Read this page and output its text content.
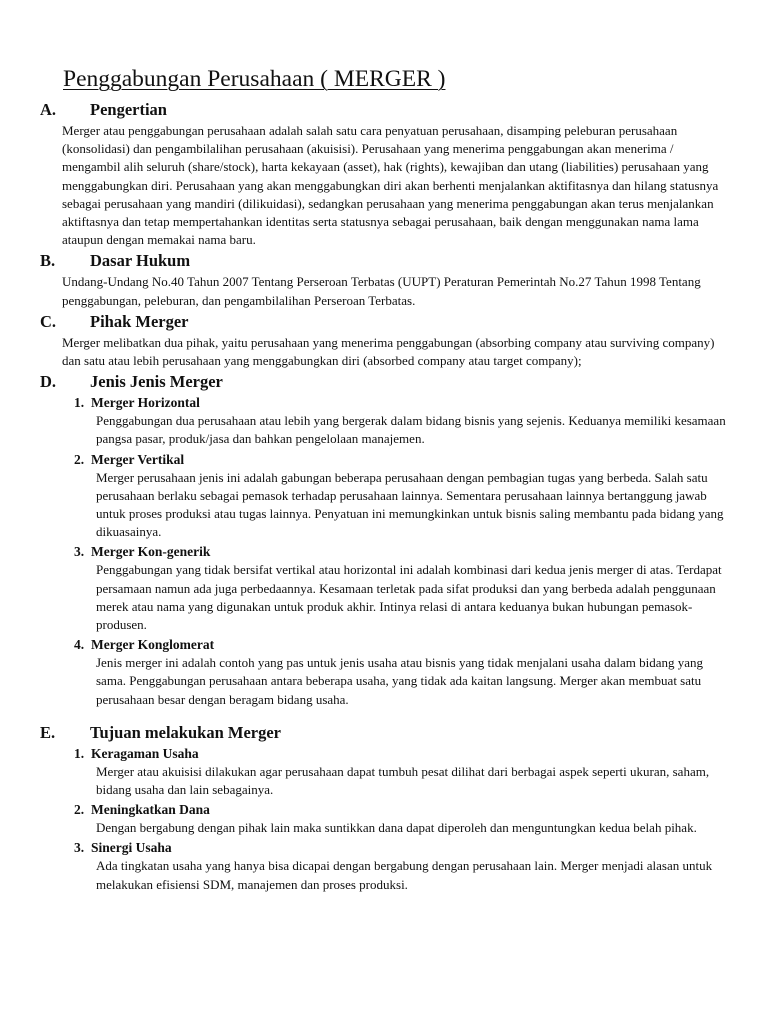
Penggabungan Perusahaan ( MERGER )
A.	Pengertian

Merger atau penggabungan perusahaan adalah salah satu cara penyatuan perusahaan, disamping peleburan perusahaan (konsolidasi) dan pengambilalihan perusahaan (akuisisi). Perusahaan yang menerima penggabungan akan menerima / mengambil alih seluruh (share/stock), harta kekayaan (asset), hak (rights), kewajiban dan utang (liabilities) perusahaan yang menggabungkan diri. Perusahaan yang akan menggabungkan diri akan berhenti menjalankan aktifitasnya dan hilang statusnya sebagai perusahaan yang mandiri (dilikuidasi), sedangkan perusahaan yang menerima penggabungan akan terus menjalankan aktiftasnya dan tetap mempertahankan identitas serta statusnya sebagai perusahaan, baik dengan menggunakan nama lama ataupun dengan memakai nama baru.

B.	Dasar Hukum

Undang-Undang No.40 Tahun 2007 Tentang Perseroan Terbatas (UUPT) Peraturan Pemerintah No.27 Tahun 1998 Tentang penggabungan, peleburan, dan pengambilalihan Perseroan Terbatas.

C.	Pihak Merger

Merger melibatkan dua pihak, yaitu perusahaan yang menerima penggabungan (absorbing company atau surviving company) dan satu atau lebih perusahaan yang menggabungkan diri (absorbed company atau target company);

D.	Jenis Jenis Merger
1. Merger Horizontal

Penggabungan dua perusahaan atau lebih yang bergerak dalam bidang bisnis yang sejenis. Keduanya memiliki kesamaan pangsa pasar, produk/jasa dan bahkan pengelolaan manajemen.

2. Merger Vertikal

Merger perusahaan jenis ini adalah gabungan beberapa perusahaan dengan pembagian tugas yang berbeda. Salah satu perusahaan berlaku sebagai pemasok terhadap perusahaan lainnya. Sementara perusahaan lainnya bertanggung jawab untuk proses produksi atau tugas lainnya. Penyatuan ini memungkinkan untuk bisnis saling membantu pada bidang yang dikuasainya.

3. Merger Kon-generik

Penggabungan yang tidak bersifat vertikal atau horizontal ini adalah kombinasi dari kedua jenis merger di atas. Terdapat persamaan namun ada juga perbedaannya. Kesamaan terletak pada sifat produksi dan yang berbeda adalah penggunaan merek atau nama yang digunakan untuk produk akhir. Intinya relasi di antara keduanya bukan hubungan pemasok-produsen.

4. Merger Konglomerat

Jenis merger ini adalah contoh yang pas untuk jenis usaha atau bisnis yang tidak menjalani usaha dalam bidang yang sama. Penggabungan perusahaan antara beberapa usaha, yang tidak ada kaitan langsung. Merger akan membuat satu perusahaan besar dengan beragam bidang usaha.

E.	Tujuan melakukan Merger
1. Keragaman Usaha

Merger atau akuisisi dilakukan agar perusahaan dapat tumbuh pesat dilihat dari berbagai aspek seperti ukuran, saham, bidang usaha dan lain sebagainya.

2. Meningkatkan Dana

Dengan bergabung dengan pihak lain maka suntikkan dana dapat diperoleh dan menguntungkan kedua belah pihak.

3. Sinergi Usaha

Ada tingkatan usaha yang hanya bisa dicapai dengan bergabung dengan perusahaan lain. Merger menjadi alasan untuk melakukan efisiensi SDM, manajemen dan proses produksi.
